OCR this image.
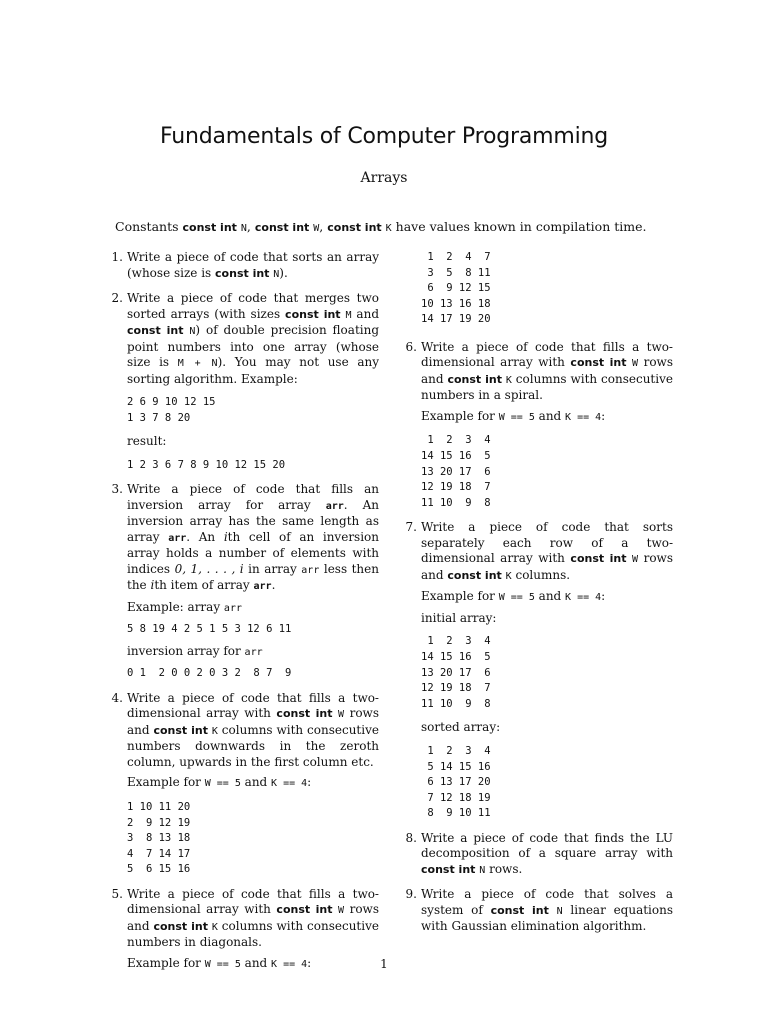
Fundamentals of Computer Programming
Arrays
Constants const int N, const int W, const int K have values known in compilation time.
1. Write a piece of code that sorts an array (whose size is const int N).

2. Write a piece of code that merges two sorted arrays (with sizes const int M and const int N) of double precision floating point numbers into one array (whose size is M + N). You may not use any sorting algorithm. Example:

2 6 9 10 12 15
1 3 7 8 20

result:

1 2 3 6 7 8 9 10 12 15 20
3. Write a piece of code that fills an inversion array for array arr. An inversion array has the same length as array arr. An ith cell of an inversion array holds a number of elements with indices 0, 1, . . . , i in array arr less then the ith item of array arr.

Example: array arr

5 8 19 4 2 5 1 5 3 12 6 11

inversion array for arr

0 1  2 0 0 2 0 3 2  8 7  9
4. Write a piece of code that fills a two-dimensional array with const int W rows and const int K columns with consecutive numbers downwards in the zeroth column, upwards in the first column etc.

Example for W == 5 and K == 4:

1 10 11 20
2  9 12 19
3  8 13 18
4  7 14 17
5  6 15 16
5. Write a piece of code that fills a two-dimensional array with const int W rows and const int K columns with consecutive numbers in diagonals.

Example for W == 5 and K == 4:

1  2  4  7
3  5  8 11
6  9 12 15
10 13 16 18
14 17 19 20
6. Write a piece of code that fills a two-dimensional array with const int W rows and const int K columns with consecutive numbers in a spiral.

Example for W == 5 and K == 4:

1  2  3  4
14 15 16  5
13 20 17  6
12 19 18  7
11 10  9  8
7. Write a piece of code that sorts separately each row of a two-dimensional array with const int W rows and const int K columns.

Example for W == 5 and K == 4:

initial array:

1  2  3  4
14 15 16  5
13 20 17  6
12 19 18  7
11 10  9  8

sorted array:

1  2  3  4
5 14 15 16
6 13 17 20
7 12 18 19
8  9 10 11
8. Write a piece of code that finds the LU decomposition of a square array with const int N rows.

9. Write a piece of code that solves a system of const int N linear equations with Gaussian elimination algorithm.

1
